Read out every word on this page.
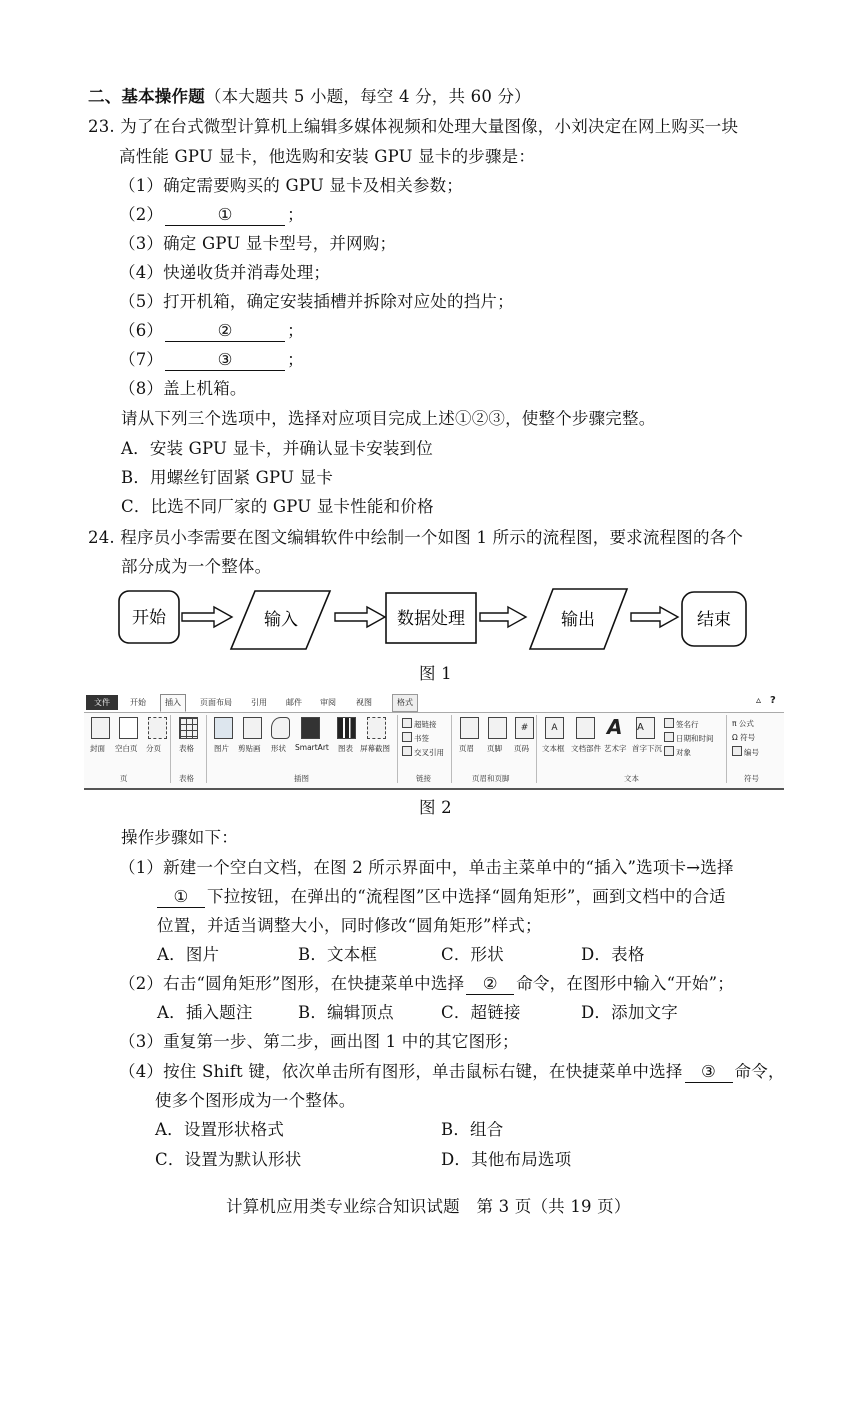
二、基本操作题（本大题共 5 小题，每空 4 分，共 60 分）
23. 为了在台式微型计算机上编辑多媒体视频和处理大量图像，小刘决定在网上购买一块
高性能 GPU 显卡，他选购和安装 GPU 显卡的步骤是：
（1）确定需要购买的 GPU 显卡及相关参数；
（2）	①	；
（3）确定 GPU 显卡型号，并网购；
（4）快递收货并消毒处理；
（5）打开机箱，确定安装插槽并拆除对应处的挡片；
（6）	②	；
（7）	③	；
（8）盖上机箱。
请从下列三个选项中，选择对应项目完成上述①②③，使整个步骤完整。
A．安装 GPU 显卡，并确认显卡安装到位
B．用螺丝钉固紧 GPU 显卡
C．比选不同厂家的 GPU 显卡性能和价格
24. 程序员小李需要在图文编辑软件中绘制一个如图 1 所示的流程图，要求流程图的各个
部分成为一个整体。
开始	输入	数据处理	输出	结束
图 1
文件	开始	插入	页面布局	引用	邮件	审阅	视图	格式	▵ ?
封面 空白页 分页
页
表格
表格
图片 剪贴画 形状 SmartArt 图表 屏幕截图
插图
超链接
书签
交叉引用
链接
页眉 页脚
#
页码
页眉和页脚
A
文本框 文档部件
A
艺术字
A
首字下沉
签名行
日期和时间
对象
文本
π 公式
Ω 符号
编号
符号
图 2
操作步骤如下：
（1）新建一个空白文档，在图 2 所示界面中，单击主菜单中的“插入”选项卡→选择
① 下拉按钮，在弹出的“流程图”区中选择“圆角矩形”，画到文档中的合适
位置，并适当调整大小，同时修改“圆角矩形”样式；
A．图片	B．文本框	C．形状	D．表格
（2）右击“圆角矩形”图形，在快捷菜单中选择 ② 命令，在图形中输入“开始”；
A．插入题注	B．编辑顶点	C．超链接	D．添加文字
（3）重复第一步、第二步，画出图 1 中的其它图形；
（4）按住 Shift 键，依次单击所有图形，单击鼠标右键，在快捷菜单中选择 ③ 命令，
使多个图形成为一个整体。
A．设置形状格式	B．组合
C．设置为默认形状	D．其他布局选项
计算机应用类专业综合知识试题　第 3 页（共 19 页）
